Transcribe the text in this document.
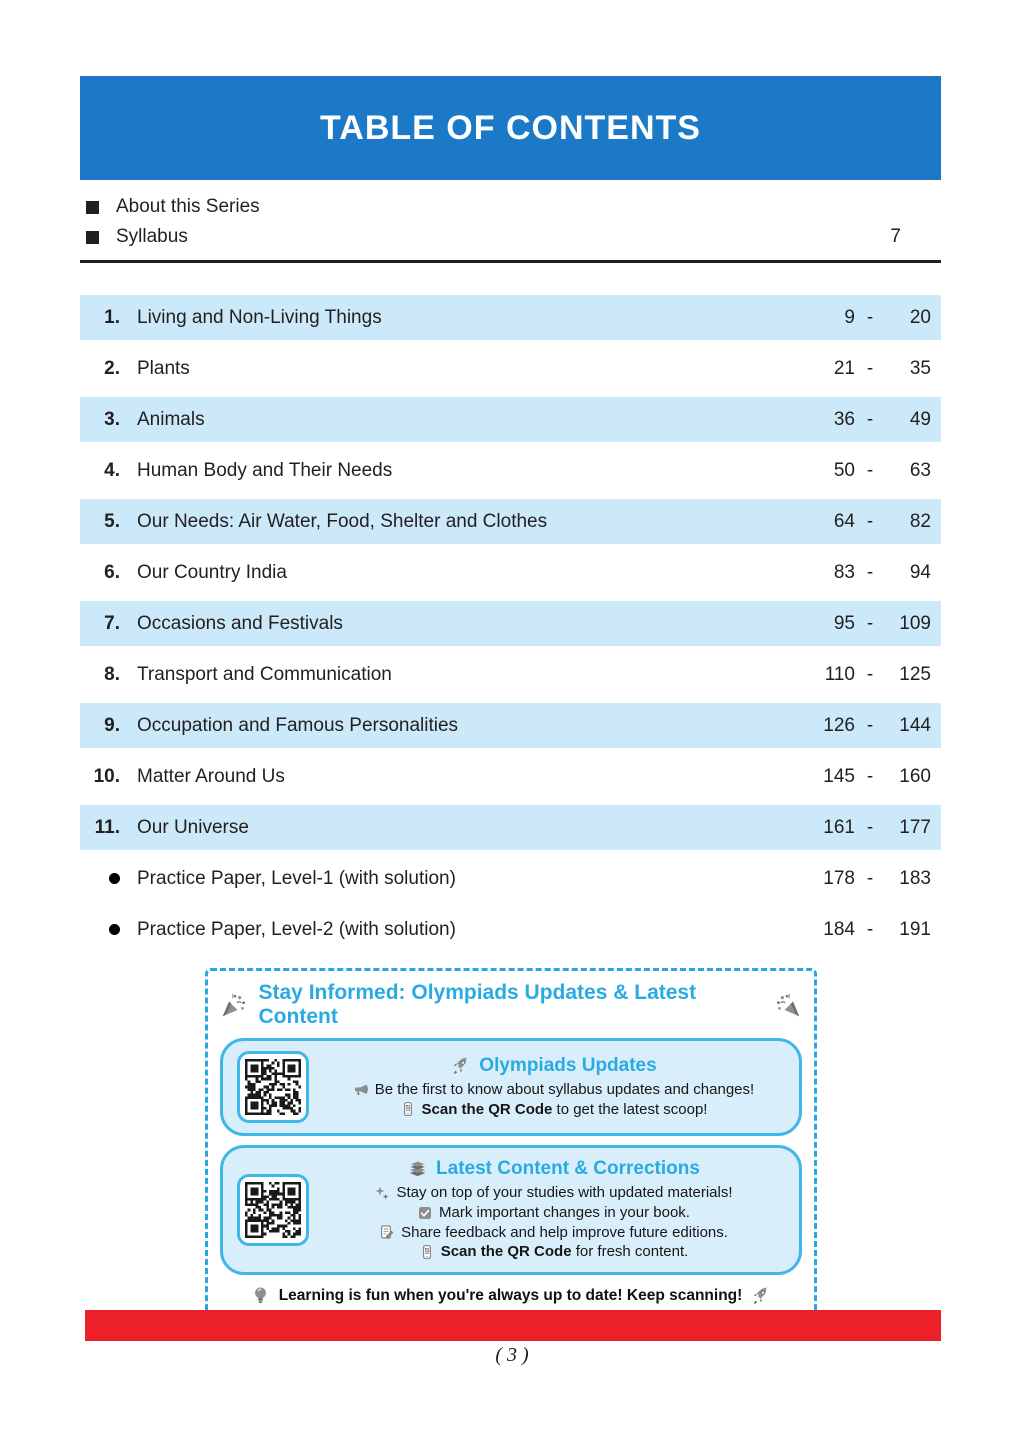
TABLE OF CONTENTS
About this Series
Syllabus	7
1. Living and Non-Living Things	9 -	20
2. Plants	21 -	35
3. Animals	36 -	49
4. Human Body and Their Needs	50 -	63
5. Our Needs: Air Water, Food, Shelter and Clothes	64 -	82
6. Our Country India	83 -	94
7. Occasions and Festivals	95 -	109
8. Transport and Communication	110 -	125
9. Occupation and Famous Personalities	126 -	144
10. Matter Around Us	145 -	160
11. Our Universe	161 -	177
Practice Paper, Level-1 (with solution)	178 -	183
Practice Paper, Level-2 (with solution)	184 -	191
Stay Informed: Olympiads Updates & Latest Content
Olympiads Updates
Be the first to know about syllabus updates and changes!
Scan the QR Code to get the latest scoop!
Latest Content & Corrections
Stay on top of your studies with updated materials!
Mark important changes in your book.
Share feedback and help improve future editions.
Scan the QR Code for fresh content.
Learning is fun when you're always up to date! Keep scanning!
( 3 )
